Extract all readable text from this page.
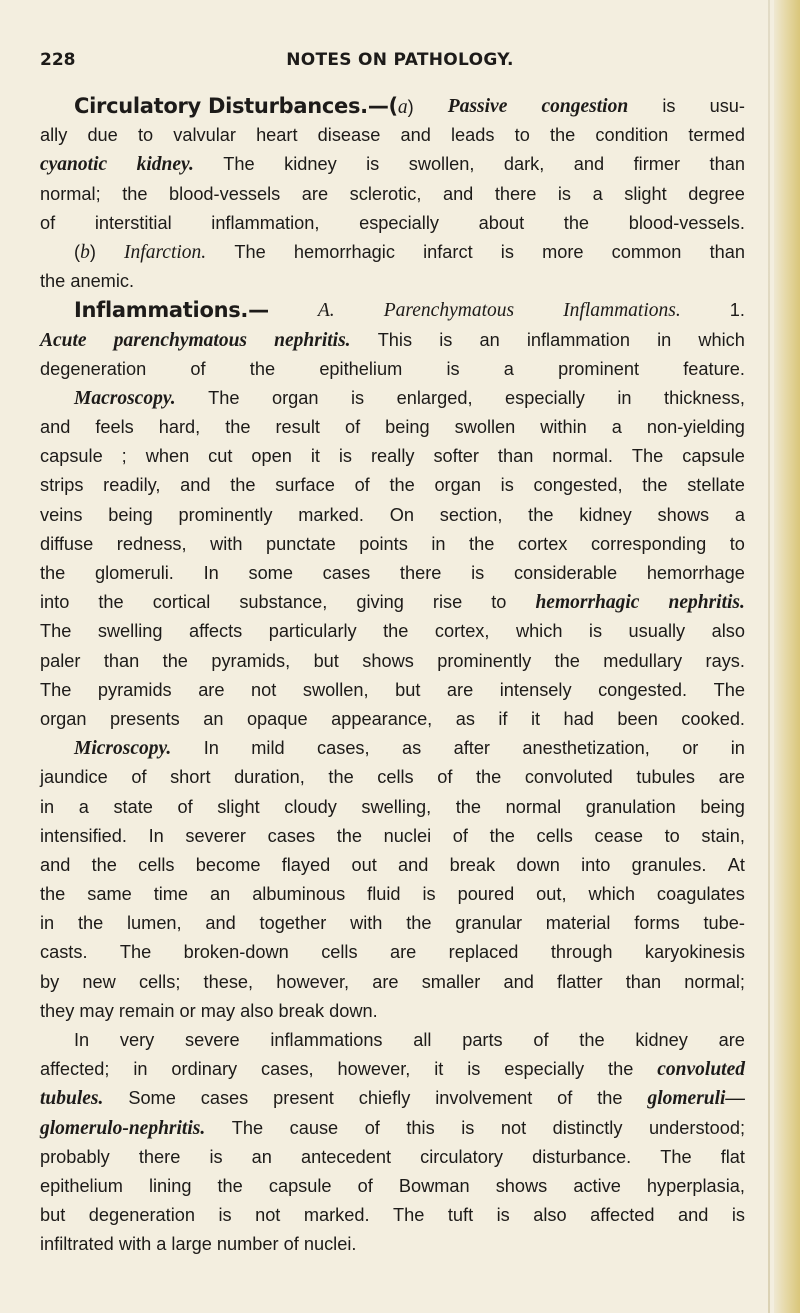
228	NOTES ON PATHOLOGY.
Circulatory Disturbances.—(a) Passive congestion is usu-
ally due to valvular heart disease and leads to the condition termed
cyanotic kidney. The kidney is swollen, dark, and firmer than
normal; the blood-vessels are sclerotic, and there is a slight degree
of interstitial inflammation, especially about the blood-vessels.
(b) Infarction. The hemorrhagic infarct is more common than
the anemic.
Inflammations.—	A.	Parenchymatous	Inflammations.	1.
Acute parenchymatous nephritis. This is an inflammation in which
degeneration of the epithelium is a prominent feature.
Macroscopy. The organ is enlarged, especially in thickness,
and feels hard, the result of being swollen within a non-yielding
capsule ; when cut open it is really softer than normal. The capsule
strips readily, and the surface of the organ is congested, the stellate
veins being prominently marked. On section, the kidney shows a
diffuse redness, with punctate points in the cortex corresponding to
the glomeruli. In some cases there is considerable hemorrhage
into the cortical substance, giving rise to hemorrhagic nephritis.
The swelling affects particularly the cortex, which is usually also
paler than the pyramids, but shows prominently the medullary rays.
The pyramids are not swollen, but are intensely congested. The
organ presents an opaque appearance, as if it had been cooked.
Microscopy. In mild cases, as after anesthetization, or in
jaundice of short duration, the cells of the convoluted tubules are
in a state of slight cloudy swelling, the normal granulation being
intensified. In severer cases the nuclei of the cells cease to stain,
and the cells become flayed out and break down into granules. At
the same time an albuminous fluid is poured out, which coagulates
in the lumen, and together with the granular material forms tube-
casts. The broken-down cells are replaced through karyokinesis
by new cells; these, however, are smaller and flatter than normal;
they may remain or may also break down.
In very severe inflammations all parts of the kidney are
affected; in ordinary cases, however, it is especially the convoluted
tubules. Some cases present chiefly involvement of the glomeruli—
glomerulo-nephritis. The cause of this is not distinctly understood;
probably there is an antecedent circulatory disturbance. The flat
epithelium lining the capsule of Bowman shows active hyperplasia,
but degeneration is not marked. The tuft is also affected and is
infiltrated with a large number of nuclei.
